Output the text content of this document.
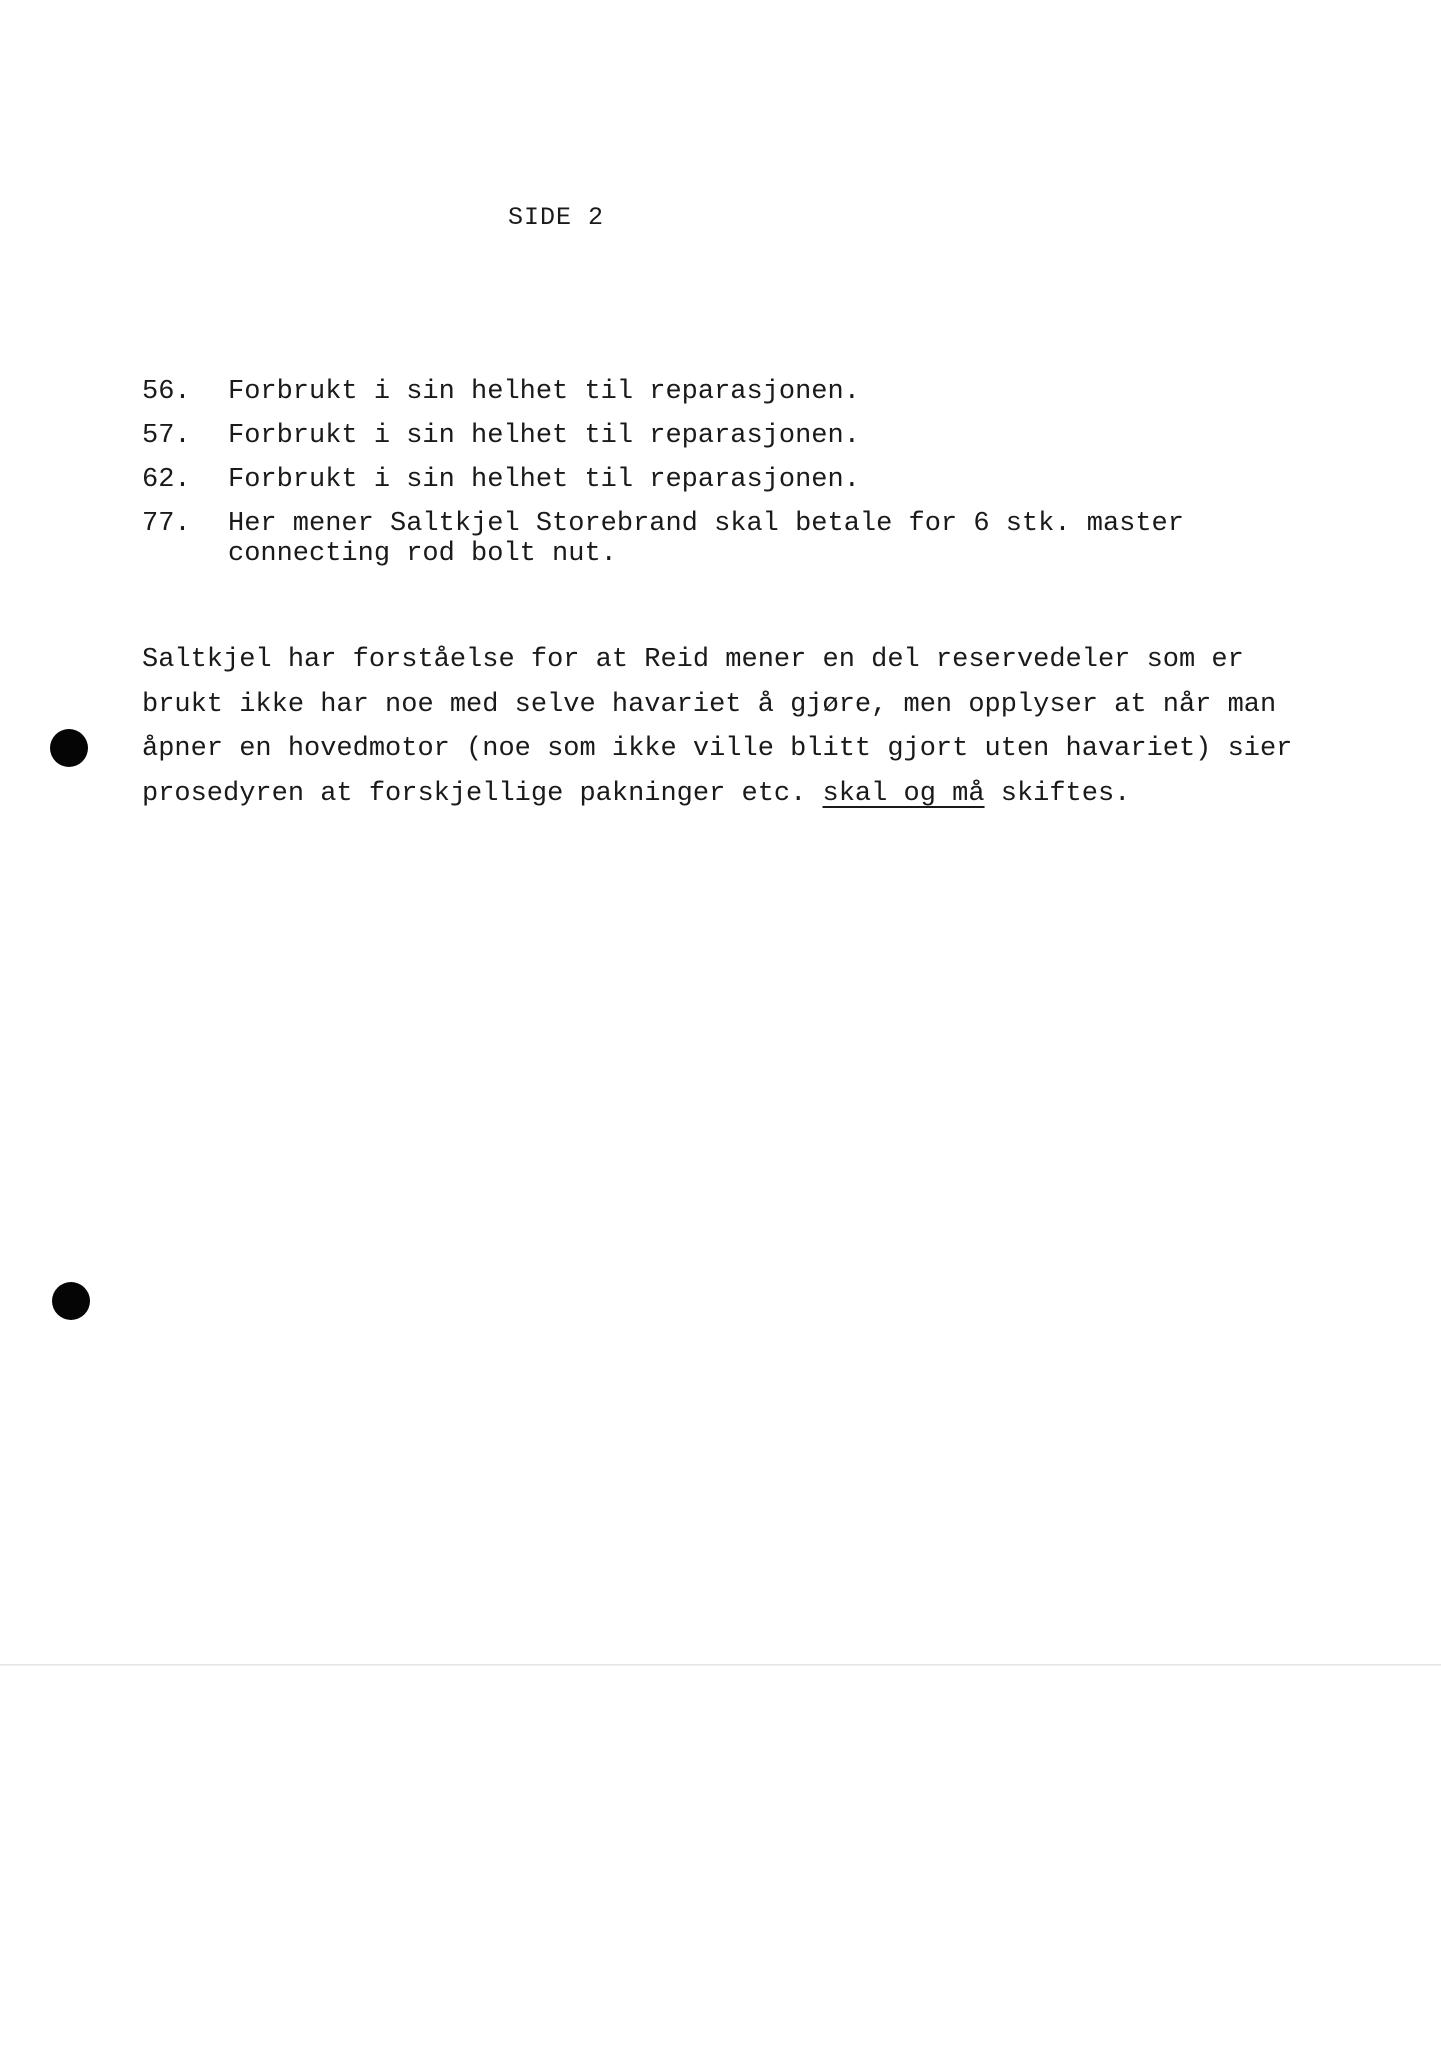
SIDE 2
56.	Forbrukt i sin helhet til reparasjonen.
57.	Forbrukt i sin helhet til reparasjonen.
62.	Forbrukt i sin helhet til reparasjonen.
77.	Her mener Saltkjel Storebrand skal betale for 6 stk. master connecting rod bolt nut.
Saltkjel har forståelse for at Reid mener en del reservedeler som er brukt ikke har noe med selve havariet å gjøre, men opplyser at når man åpner en hovedmotor (noe som ikke ville blitt gjort uten havariet) sier prosedyren at forskjellige pakninger etc. skal og må skiftes.
